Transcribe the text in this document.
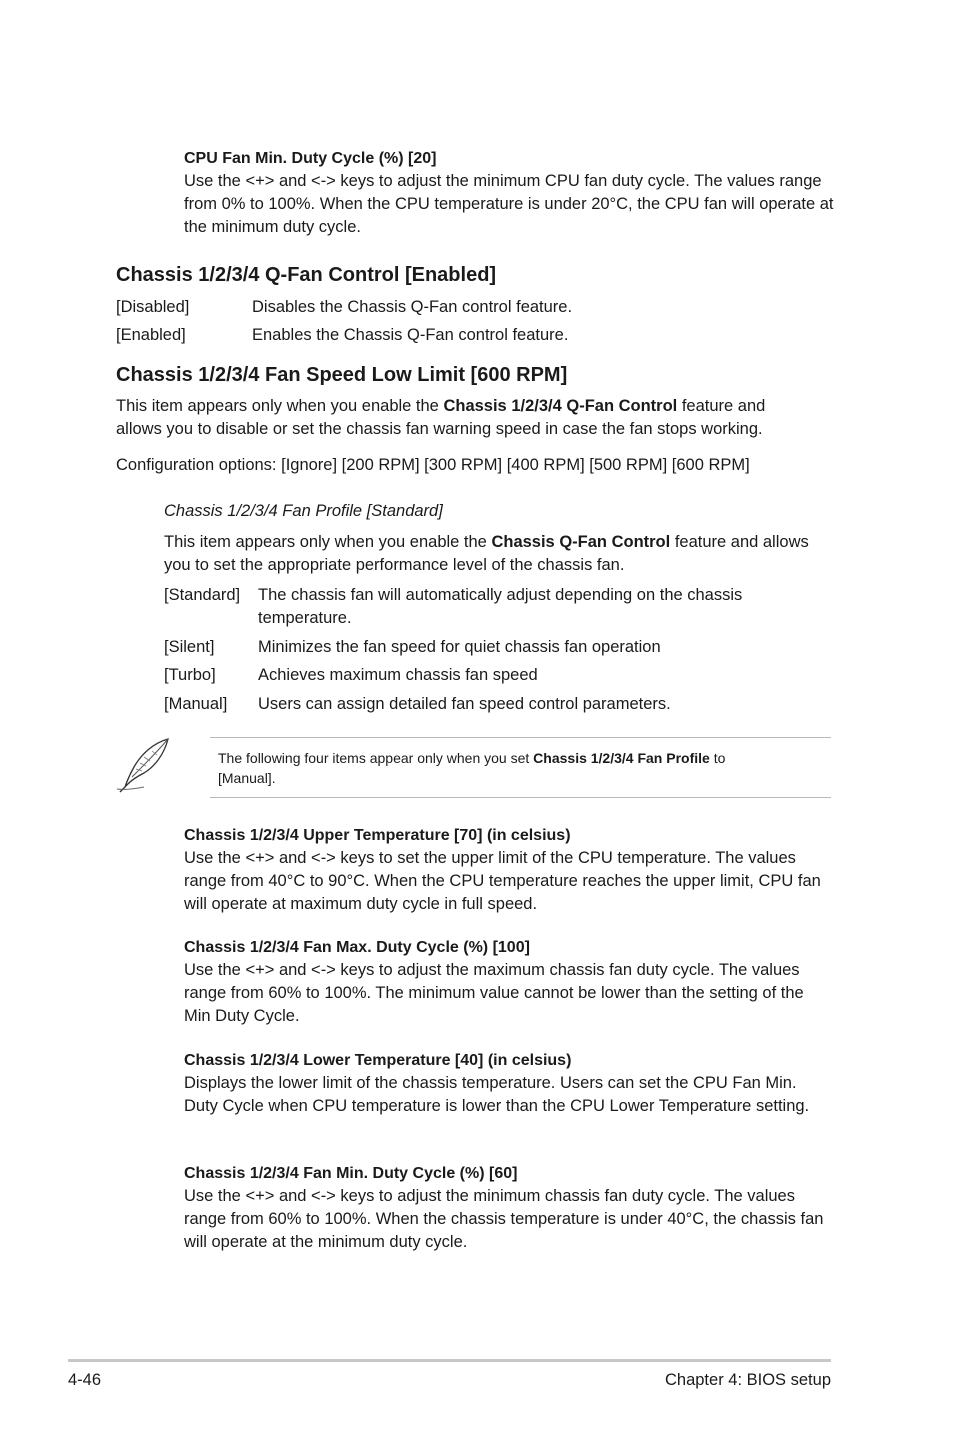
CPU Fan Min. Duty Cycle (%) [20]
Use the <+> and <-> keys to adjust the minimum CPU fan duty cycle. The values range from 0% to 100%. When the CPU temperature is under 20°C, the CPU fan will operate at the minimum duty cycle.
Chassis 1/2/3/4 Q-Fan Control [Enabled]
[Disabled]	Disables the Chassis Q-Fan control feature.
[Enabled]	Enables the Chassis Q-Fan control feature.
Chassis 1/2/3/4 Fan Speed Low Limit [600 RPM]
This item appears only when you enable the Chassis 1/2/3/4 Q-Fan Control feature and allows you to disable or set the chassis fan warning speed in case the fan stops working.
Configuration options: [Ignore] [200 RPM] [300 RPM] [400 RPM] [500 RPM] [600 RPM]
Chassis 1/2/3/4 Fan Profile [Standard]
This item appears only when you enable the Chassis Q-Fan Control feature and allows you to set the appropriate performance level of the chassis fan.
[Standard] The chassis fan will automatically adjust depending on the chassis temperature.
[Silent]	Minimizes the fan speed for quiet chassis fan operation
[Turbo]	Achieves maximum chassis fan speed
[Manual] Users can assign detailed fan speed control parameters.
The following four items appear only when you set Chassis 1/2/3/4 Fan Profile to [Manual].
Chassis 1/2/3/4 Upper Temperature [70] (in celsius)
Use the <+> and <-> keys to set the upper limit of the CPU temperature. The values range from 40°C to 90°C. When the CPU temperature reaches the upper limit, CPU fan will operate at maximum duty cycle in full speed.
Chassis 1/2/3/4 Fan Max. Duty Cycle (%) [100]
Use the <+> and <-> keys to adjust the maximum chassis fan duty cycle. The values range from 60% to 100%. The minimum value cannot be lower than the setting of the Min Duty Cycle.
Chassis 1/2/3/4 Lower Temperature [40] (in celsius)
Displays the lower limit of the chassis temperature. Users can set the CPU Fan Min. Duty Cycle when CPU temperature is lower than the CPU Lower Temperature setting.
Chassis 1/2/3/4 Fan Min. Duty Cycle (%) [60]
Use the <+> and <-> keys to adjust the minimum chassis fan duty cycle. The values range from 60% to 100%. When the chassis temperature is under 40°C, the chassis fan will operate at the minimum duty cycle.
4-46	Chapter 4: BIOS setup
